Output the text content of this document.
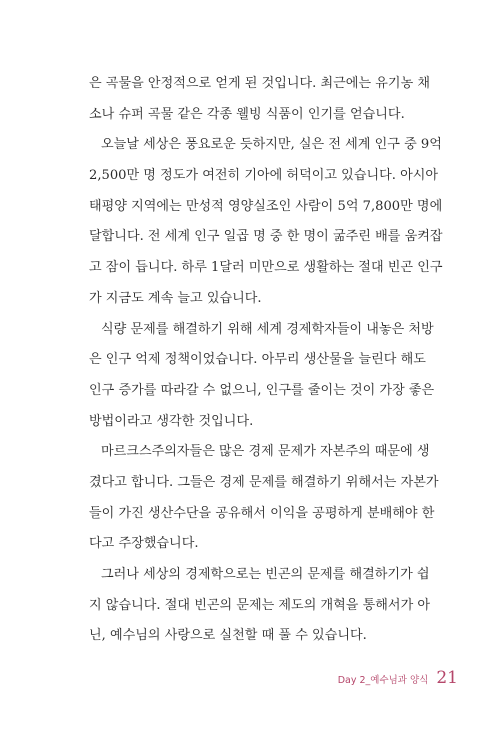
은 곡물을 안정적으로 얻게 된 것입니다. 최근에는 유기농 채
소나 슈퍼 곡물 같은 각종 웰빙 식품이 인기를 얻습니다.
오늘날 세상은 풍요로운 듯하지만, 실은 전 세계 인구 중 9억
2,500만 명 정도가 여전히 기아에 허덕이고 있습니다. 아시아
태평양 지역에는 만성적 영양실조인 사람이 5억 7,800만 명에
달합니다. 전 세계 인구 일곱 명 중 한 명이 굶주린 배를 움켜잡
고 잠이 듭니다. 하루 1달러 미만으로 생활하는 절대 빈곤 인구
가 지금도 계속 늘고 있습니다.
식량 문제를 해결하기 위해 세계 경제학자들이 내놓은 처방
은 인구 억제 정책이었습니다. 아무리 생산물을 늘린다 해도
인구 증가를 따라갈 수 없으니, 인구를 줄이는 것이 가장 좋은
방법이라고 생각한 것입니다.
마르크스주의자들은 많은 경제 문제가 자본주의 때문에 생
겼다고 합니다. 그들은 경제 문제를 해결하기 위해서는 자본가
들이 가진 생산수단을 공유해서 이익을 공평하게 분배해야 한
다고 주장했습니다.
그러나 세상의 경제학으로는 빈곤의 문제를 해결하기가 쉽
지 않습니다. 절대 빈곤의 문제는 제도의 개혁을 통해서가 아
닌, 예수님의 사랑으로 실천할 때 풀 수 있습니다.
Day 2_예수님과 양식 21
